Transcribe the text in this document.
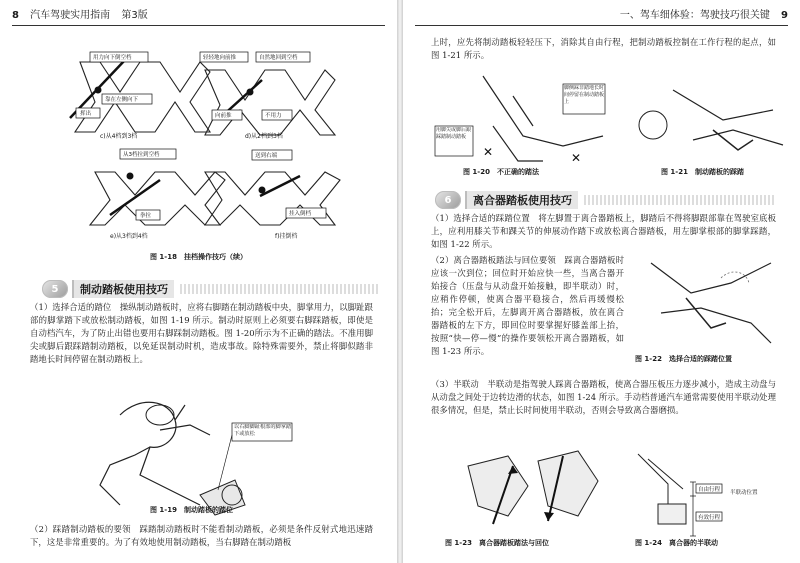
8 汽车驾驶实用指南 第3版
用力向下倒空档
靠在左侧向下
挥出
c)从4档到3档
轻轻地向前推	自然地回到空档
向前推	不用力
d)从2档到3档
从3档拉到空档
拳拉
送到右端
挂入倒档
e)从3档到4档	f)挂倒档
图 1-18　挂档操作技巧（续）
5	制动踏板使用技巧
（1）选择合适的踏位　操纵制动踏板时，应将右脚踏在制动踏板中央，脚掌用力，以脚趾跟部的脚掌踏下或放松制动踏板，如图 1-19 所示。制动时原则上必须要右脚踩踏板，即使是自动档汽车，为了防止出错也要用右脚踩制动踏板。图 1-20所示为不正确的踏法。不准用脚尖或脚后跟踩踏制动踏板，以免延误制动时机，造成事故。除特殊需要外，禁止将脚似踏非踏地长时间停留在制动踏板上。
以右脚脚趾根部的脚掌踏下或放松
图 1-19　制动踏板的踏位
（2）踩踏制动踏板的要领　踩踏制动踏板时不能看制动踏板，必须是条件反射式地迅速踏下，这是非常重要的。为了有效地使用制动踏板，当右脚踏在制动踏板
一、驾车细体验：驾驶技巧很关键 9
上时，应先将制动踏板轻轻压下，消除其自由行程，把制动踏板控制在工作行程的起点，如图 1-21 所示。
✕	✕
脚侧踩非踏地长时间停留在制动踏板上
用脚尖或脚后跟踩踏制动踏板
图 1-20　不正确的踏法	图 1-21　制动踏板的踩踏
6	离合器踏板使用技巧
（1）选择合适的踩踏位置　将左脚置于离合器踏板上，脚踏后不得将脚跟部靠在驾驶室底板上，应利用膝关节和踝关节的伸展动作踏下或放松离合器踏板，用左脚掌根部的脚掌踩踏，如图 1-22 所示。
（2）离合器踏板踏法与回位要领　踩离合器踏板时应该一次到位；回位时开始应快一些，当离合器开始接合（压盘与从动盘开始接触，即半联动）时，应稍作停顿，使离合器平稳接合，然后再缓慢松抬；完全松开后，左脚离开离合器踏板，放在离合器踏板的左下方，即回位时要掌握好膝盖部上抬，按照“快—停—慢”的操作要领松开离合器踏板，如图 1-23 所示。
图 1-22　选择合适的踩踏位置
（3）半联动　半联动是指驾驶人踩离合器踏板，使离合器压板压力逐步减小，造成主动盘与从动盘之间处于边转边滑的状态，如图 1-24 所示。手动档普通汽车通常需要使用半联动处理很多情况，但是，禁止长时间使用半联动，否则会导致离合器磨损。
图 1-23　离合器踏板踏法与回位
自由行程 半联动位置
有效行程
图 1-24　离合器的半联动
